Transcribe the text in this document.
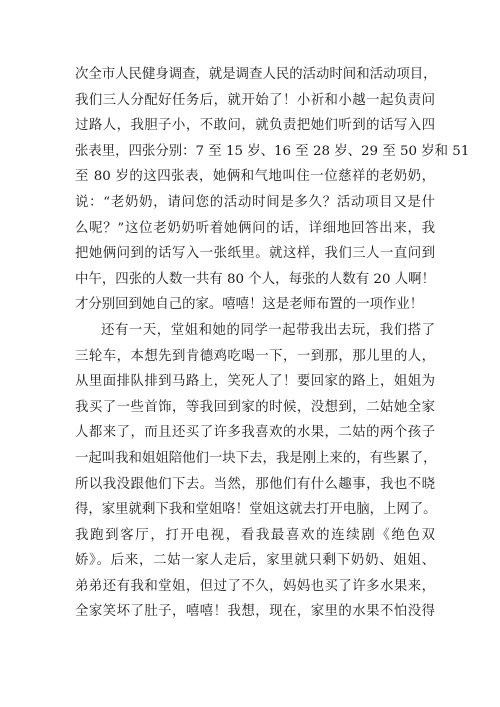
次全市人民健身调查，就是调查人民的活动时间和活动项目，
我们三人分配好任务后，就开始了！小祈和小越一起负责问
过路人，我胆子小，不敢问，就负责把她们听到的话写入四
张表里，四张分别：7 至 15 岁、16 至 28 岁、29 至 50 岁和 51
至 80 岁的这四张表，她俩和气地叫住一位慈祥的老奶奶，
说：“老奶奶，请问您的活动时间是多久？活动项目又是什
么呢？”这位老奶奶听着她俩问的话，详细地回答出来，我
把她俩问到的话写入一张纸里。就这样，我们三人一直问到
中午，四张的人数一共有 80 个人，每张的人数有 20 人啊！
才分别回到她自己的家。嘻嘻！这是老师布置的一项作业！
还有一天，堂姐和她的同学一起带我出去玩，我们搭了
三轮车，本想先到肯德鸡吃喝一下，一到那，那儿里的人，
从里面排队排到马路上，笑死人了！要回家的路上，姐姐为
我买了一些首饰，等我回到家的时候，没想到，二姑她全家
人都来了，而且还买了许多我喜欢的水果，二姑的两个孩子
一起叫我和姐姐陪他们一块下去，我是刚上来的，有些累了，
所以我没跟他们下去。当然，那他们有什么趣事，我也不晓
得，家里就剩下我和堂姐咯！堂姐这就去打开电脑，上网了。
我跑到客厅，打开电视，看我最喜欢的连续剧《绝色双
娇》。后来，二姑一家人走后，家里就只剩下奶奶、姐姐、
弟弟还有我和堂姐，但过了不久，妈妈也买了许多水果来，
全家笑坏了肚子，嘻嘻！我想，现在，家里的水果不怕没得
